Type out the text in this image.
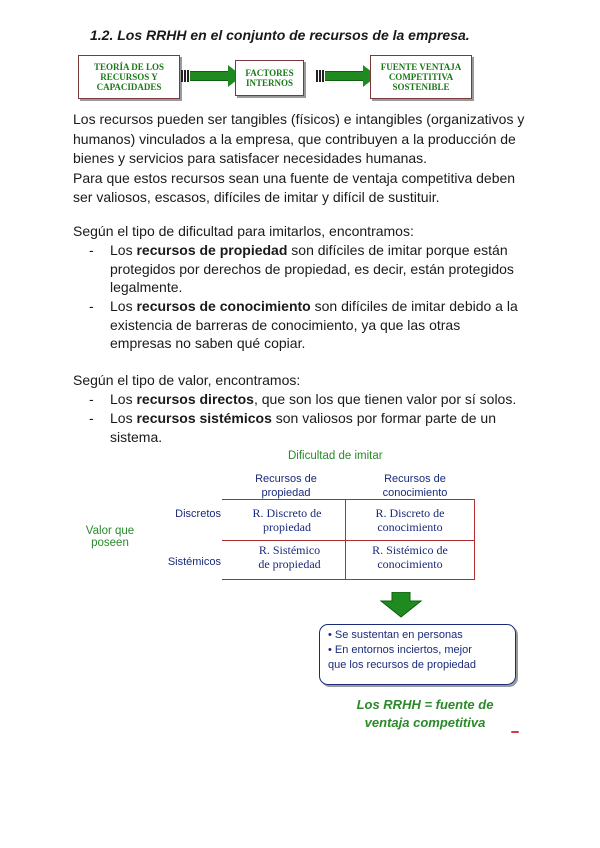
1.2. Los RRHH en el conjunto de recursos de la empresa.
TEORÍA DE LOS
RECURSOS Y
CAPACIDADES
FACTORES
INTERNOS
FUENTE VENTAJA
COMPETITIVA
SOSTENIBLE

Los recursos pueden ser tangibles (físicos) e intangibles (organizativos y

humanos) vinculados a la empresa, que contribuyen a la producción de

bienes y servicios para satisfacer necesidades humanas.

Para que estos recursos sean una fuente de ventaja competitiva deben

ser valiosos, escasos, difíciles de imitar y difícil de sustituir.

Según el tipo de dificultad para imitarlos, encontramos:
- Los recursos de propiedad son difíciles de imitar porque están
protegidos por derechos de propiedad, es decir, están protegidos
legalmente.
- Los recursos de conocimiento son difíciles de imitar debido a la
existencia de barreras de conocimiento, ya que las otras
empresas no saben qué copiar.
Según el tipo de valor, encontramos:
- Los recursos directos, que son los que tienen valor por sí solos.
- Los recursos sistémicos son valiosos por formar parte de un
sistema.
Dificultad de imitar
Recursos de
propiedad
Recursos de
conocimiento
Valor que
poseen
Discretos
Sistémicos
R. Discreto de
propiedad
R. Discreto de
conocimiento
R. Sistémico
de propiedad
R. Sistémico de
conocimiento
• Se sustentan en personas
• En entornos inciertos, mejor
que los recursos de propiedad
Los RRHH = fuente de
ventaja competitiva
